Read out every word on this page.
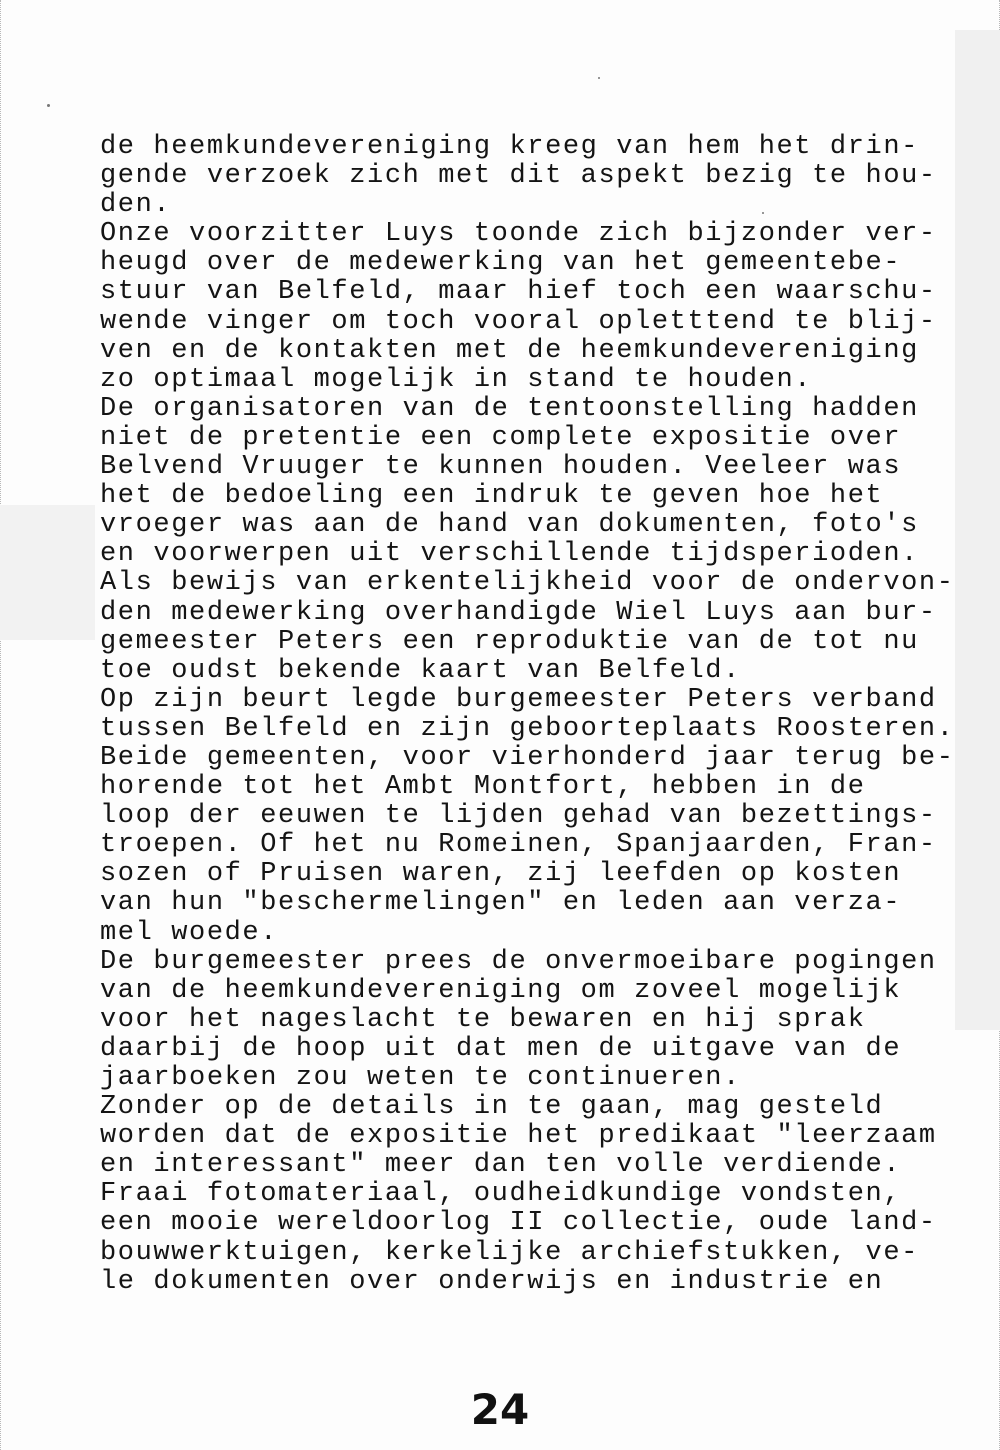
de heemkundevereniging kreeg van hem het drin-
gende verzoek zich met dit aspekt bezig te hou-
den.
Onze voorzitter Luys toonde zich bijzonder ver-
heugd over de medewerking van het gemeentebe-
stuur van Belfeld, maar hief toch een waarschu-
wende vinger om toch vooral opletttend te blij-
ven en de kontakten met de heemkundevereniging
zo optimaal mogelijk in stand te houden.
De organisatoren van de tentoonstelling hadden
niet de pretentie een complete expositie over
Belvend Vruuger te kunnen houden. Veeleer was
het de bedoeling een indruk te geven hoe het
vroeger was aan de hand van dokumenten, foto's
en voorwerpen uit verschillende tijdsperioden.
Als bewijs van erkentelijkheid voor de ondervon-
den medewerking overhandigde Wiel Luys aan bur-
gemeester Peters een reproduktie van de tot nu
toe oudst bekende kaart van Belfeld.
Op zijn beurt legde burgemeester Peters verband
tussen Belfeld en zijn geboorteplaats Roosteren.
Beide gemeenten, voor vierhonderd jaar terug be-
horende tot het Ambt Montfort, hebben in de
loop der eeuwen te lijden gehad van bezettings-
troepen. Of het nu Romeinen, Spanjaarden, Fran-
sozen of Pruisen waren, zij leefden op kosten
van hun "beschermelingen" en leden aan verza-
mel woede.
De burgemeester prees de onvermoeibare pogingen
van de heemkundevereniging om zoveel mogelijk
voor het nageslacht te bewaren en hij sprak
daarbij de hoop uit dat men de uitgave van de
jaarboeken zou weten te continueren.
Zonder op de details in te gaan, mag gesteld
worden dat de expositie het predikaat "leerzaam
en interessant" meer dan ten volle verdiende.
Fraai fotomateriaal, oudheidkundige vondsten,
een mooie wereldoorlog II collectie, oude land-
bouwwerktuigen, kerkelijke archiefstukken, ve-
le dokumenten over onderwijs en industrie en
24
